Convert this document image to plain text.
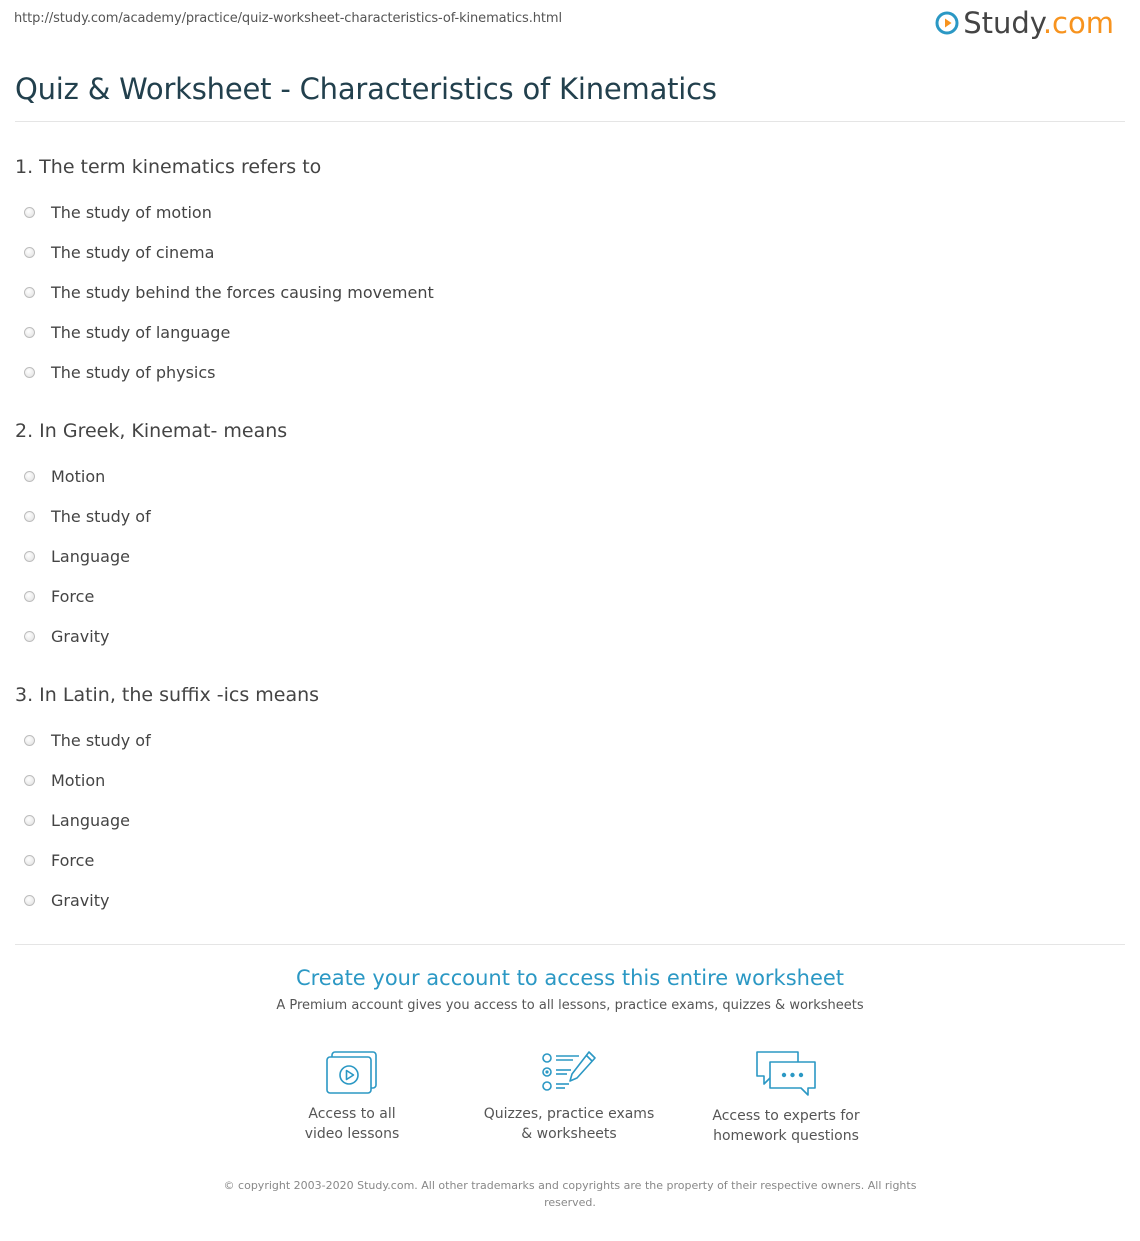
http://study.com/academy/practice/quiz-worksheet-characteristics-of-kinematics.html	Study.com
Quiz & Worksheet - Characteristics of Kinematics
1. The term kinematics refers to
The study of motion
The study of cinema
The study behind the forces causing movement
The study of language
The study of physics
2. In Greek, Kinemat- means
Motion
The study of
Language
Force
Gravity
3. In Latin, the suffix -ics means
The study of
Motion
Language
Force
Gravity
Create your account to access this entire worksheet
A Premium account gives you access to all lessons, practice exams, quizzes & worksheets
Access to all
video lessons
Quizzes, practice exams
& worksheets
Access to experts for
homework questions
© copyright 2003-2020 Study.com. All other trademarks and copyrights are the property of their respective owners. All rights
reserved.
